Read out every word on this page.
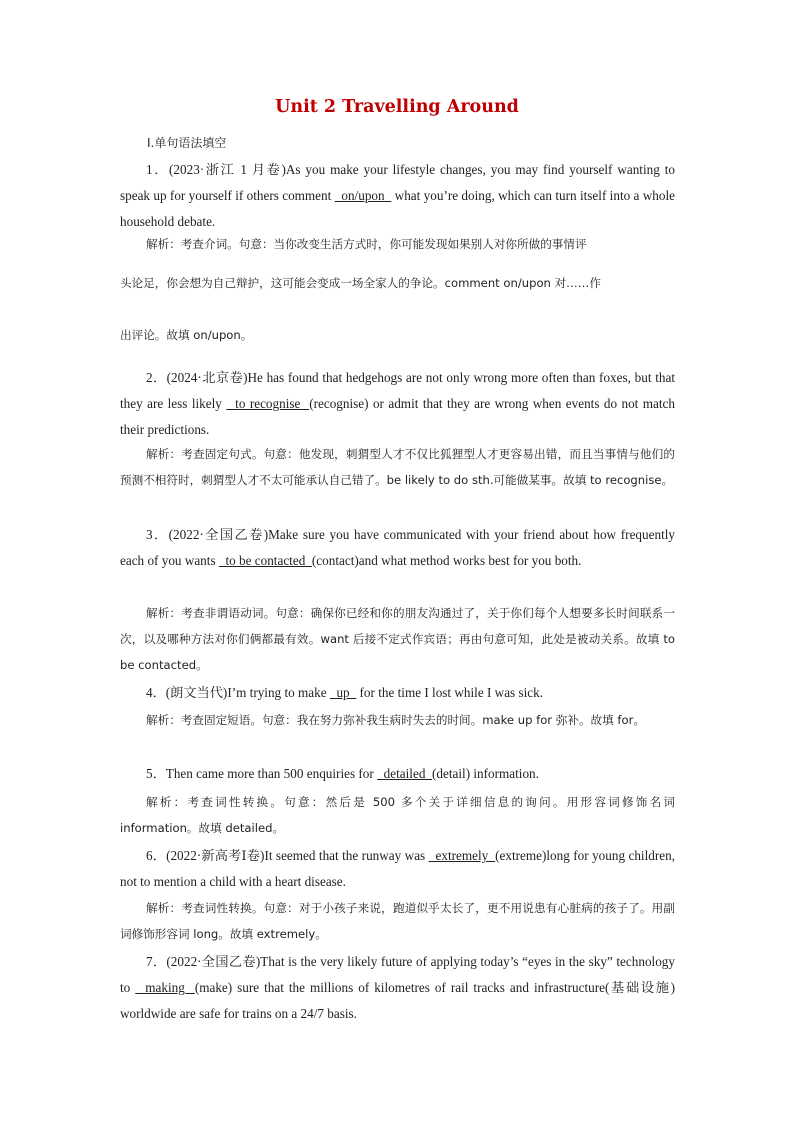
Unit 2 Travelling Around
Ⅰ.单句语法填空
1．(2023·浙江 1 月卷)As you make your lifestyle changes, you may find yourself wanting to speak up for yourself if others comment   on/upon   what you’re doing, which can turn itself into a whole household debate.
解析：考查介词。句意：当你改变生活方式时，你可能发现如果别人对你所做的事情评
头论足，你会想为自己辩护，这可能会变成一场全家人的争论。comment on/upon 对……作
出评论。故填 on/upon。
2．(2024·北京卷)He has found that hedgehogs are not only wrong more often than foxes, but that they are less likely   to recognise  (recognise) or admit that they are wrong when events do not match their predictions.
解析：考查固定句式。句意：他发现，刺猬型人才不仅比狐狸型人才更容易出错，而且当事情与他们的预测不相符时，刺猬型人才不太可能承认自己错了。be likely to do sth.可能做某事。故填 to recognise。
3．(2022·全国乙卷)Make sure you have communicated with your friend about how frequently each of you wants   to be contacted  (contact)and what method works best for you both.
解析：考查非谓语动词。句意：确保你已经和你的朋友沟通过了，关于你们每个人想要多长时间联系一次，以及哪种方法对你们俩都最有效。want 后接不定式作宾语；再由句意可知，此处是被动关系。故填 to be contacted。
4．(朗文当代)I’m trying to make   up   for the time I lost while I was sick.
解析：考查固定短语。句意：我在努力弥补我生病时失去的时间。make up for 弥补。故填 for。
5．Then came more than 500 enquiries for   detailed  (detail) information.
解析：考查词性转换。句意：然后是 500 多个关于详细信息的询问。用形容词修饰名词 information。故填 detailed。
6．(2022·新高考Ⅰ卷)It seemed that the runway was   extremely  (extreme)long for young children, not to mention a child with a heart disease.
解析：考查词性转换。句意：对于小孩子来说，跑道似乎太长了，更不用说患有心脏病的孩子了。用副词修饰形容词 long。故填 extremely。
7．(2022·全国乙卷)That is the very likely future of applying today’s “eyes in the sky” technology to   making  (make) sure that the millions of kilometres of rail tracks and infrastructure(基础设施) worldwide are safe for trains on a 24/7 basis.
